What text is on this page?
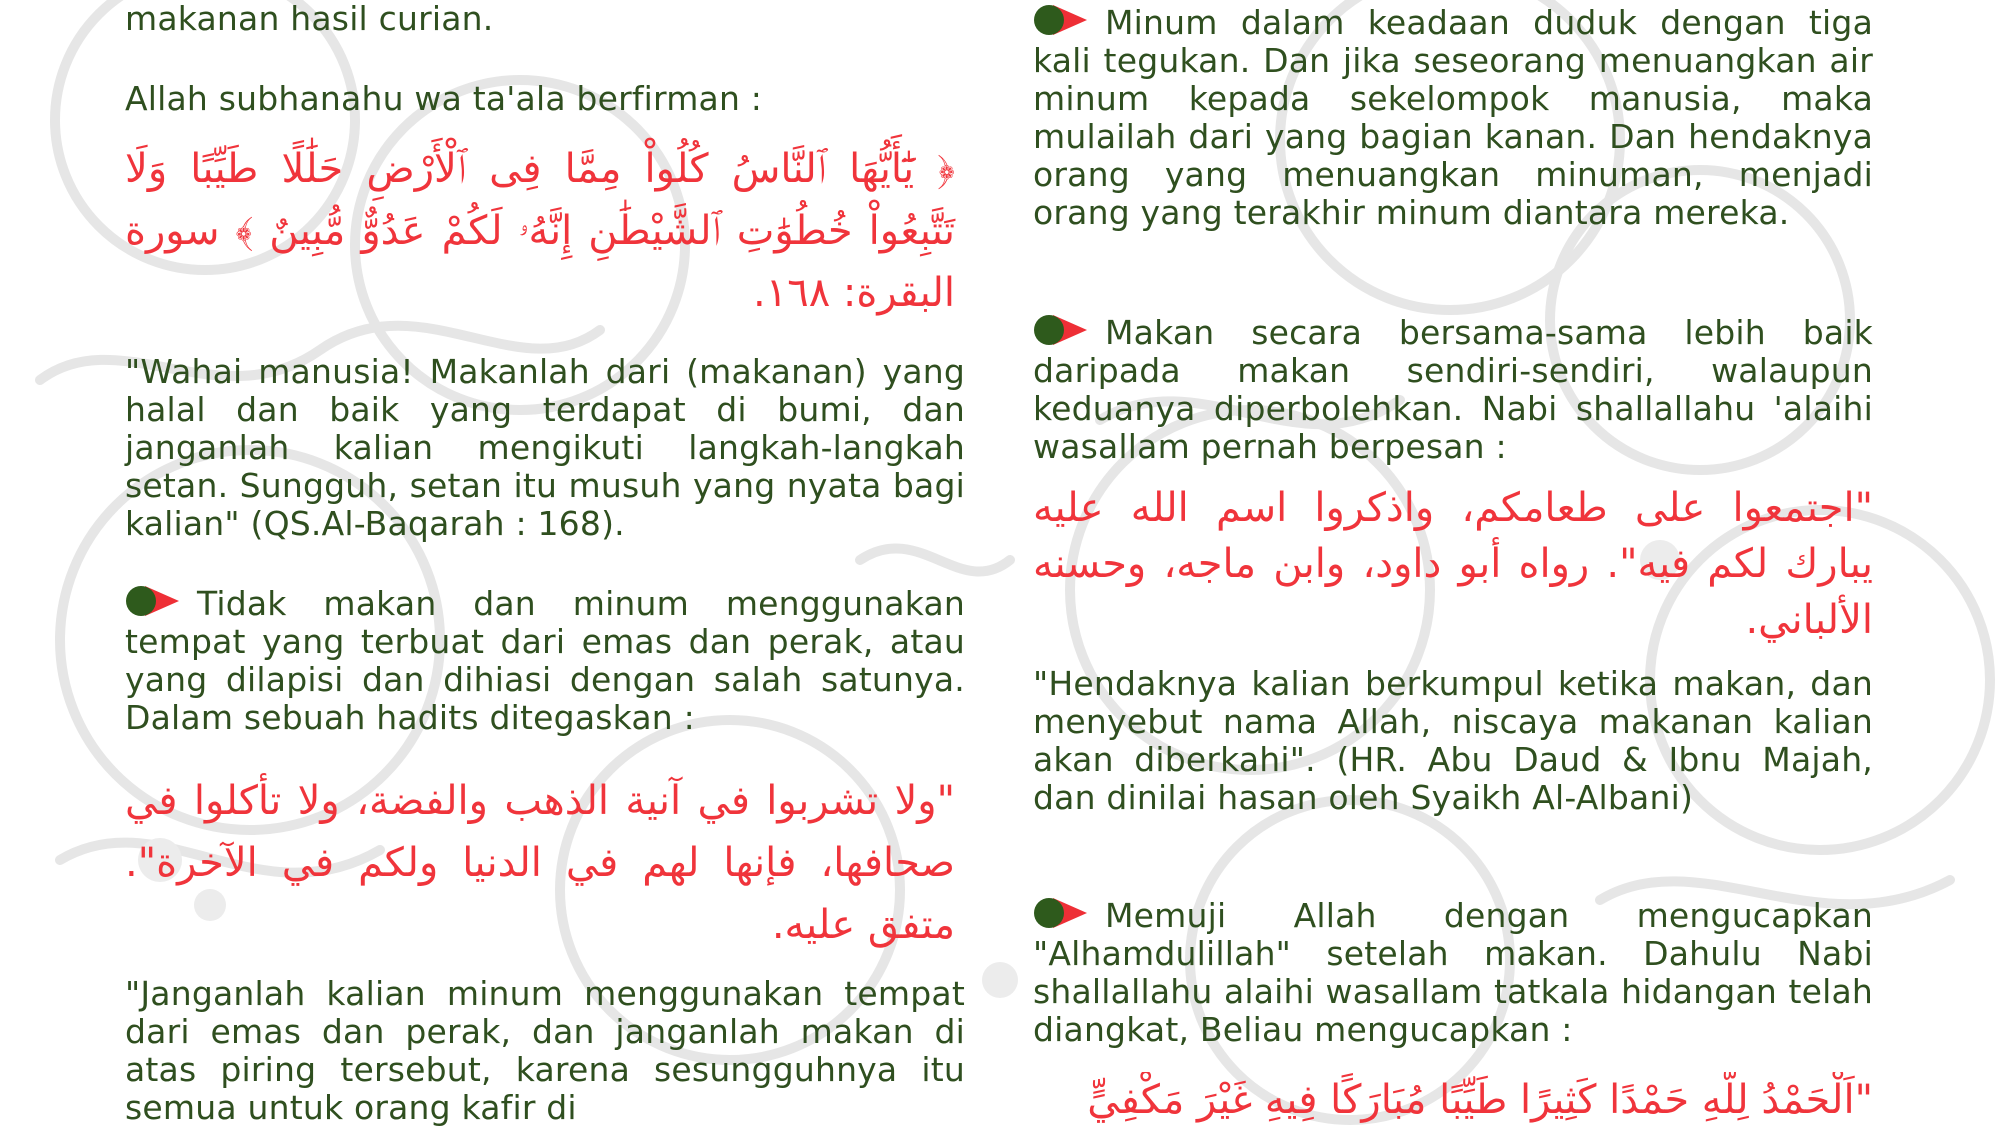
makanan hasil curian.

Allah subhanahu wa ta'ala berfirman :

﴿ يَٰٓأَيُّهَا ٱلنَّاسُ كُلُواْ مِمَّا فِى ٱلْأَرْضِ حَلَٰلًا طَيِّبًا وَلَا تَتَّبِعُواْ خُطُوَٰتِ ٱلشَّيْطَٰنِ إِنَّهُۥ لَكُمْ عَدُوٌّ مُّبِينٌ ﴾ سورة البقرة: ١٦٨.

"Wahai manusia! Makanlah dari (makanan) yang halal dan baik yang terdapat di bumi, dan janganlah kalian mengikuti langkah-langkah setan. Sungguh, setan itu musuh yang nyata bagi kalian" (QS.Al-Baqarah : 168).

Tidak makan dan minum menggunakan tempat yang terbuat dari emas dan perak, atau yang dilapisi dan dihiasi dengan salah satunya. Dalam sebuah hadits ditegaskan :

"ولا تشربوا في آنية الذهب والفضة، ولا تأكلوا في صحافها، فإنها لهم في الدنيا ولكم في الآخرة". متفق عليه.

"Janganlah kalian minum menggunakan tempat dari emas dan perak, dan janganlah makan di atas piring tersebut, karena sesungguhnya itu semua untuk orang kafir di

Minum dalam keadaan duduk dengan tiga kali tegukan. Dan jika seseorang menuangkan air minum kepada sekelompok manusia, maka mulailah dari yang bagian kanan. Dan hendaknya orang yang menuangkan minuman, menjadi orang yang terakhir minum diantara mereka.

Makan secara bersama-sama lebih baik daripada makan sendiri-sendiri, walaupun keduanya diperbolehkan. Nabi shallallahu 'alaihi wasallam pernah berpesan :

"اجتمعوا على طعامكم، واذكروا اسم الله عليه يبارك لكم فيه". رواه أبو داود، وابن ماجه، وحسنه الألباني.

"Hendaknya kalian berkumpul ketika makan, dan menyebut nama Allah, niscaya makanan kalian akan diberkahi". (HR. Abu Daud & Ibnu Majah, dan dinilai hasan oleh Syaikh Al-Albani)

Memuji Allah dengan mengucapkan "Alhamdulillah" setelah makan. Dahulu Nabi shallallahu alaihi wasallam tatkala hidangan telah diangkat, Beliau mengucapkan :

"اَلْحَمْدُ لِلَّهِ حَمْدًا كَثِيرًا طَيِّبًا مُبَارَكًا فِيهِ غَيْرَ مَكْفِيٍّ
